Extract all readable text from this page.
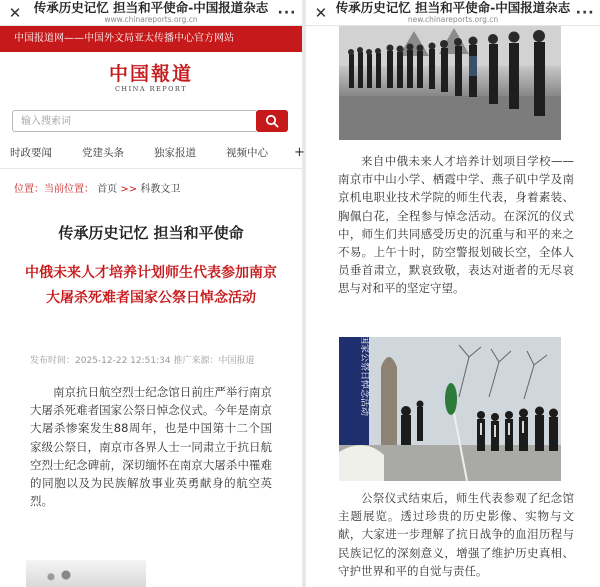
✕ 传承历史记忆 担当和平使命-中国报道杂志
www.chinareports.org.cn	···
中国报道网——中国外文局亚太传播中心官方网站
中国報道
CHINA REPORT
输入搜索词
时政要闻	党建头条	独家报道	视频中心 +
位置：当前位置： 首页 >> 科教文卫
传承历史记忆 担当和平使命
中俄未来人才培养计划师生代表参加南京大屠杀死难者国家公祭日悼念活动
发布时间：2025-12-22 12:51:34 推广来源：中国报道
南京抗日航空烈士纪念馆日前庄严举行南京大屠杀死难者国家公祭日悼念仪式。今年是南京大屠杀惨案发生88周年，也是中国第十二个国家级公祭日，南京市各界人士一同肃立于抗日航空烈士纪念碑前，深切缅怀在南京大屠杀中罹难的同胞以及为民族解放事业英勇献身的航空英烈。
✕ 传承历史记忆 担当和平使命-中国报道杂志
new.chinareports.org.cn	···
来自中俄未来人才培养计划项目学校——南京市中山小学、栖霞中学、燕子矶中学及南京机电职业技术学院的师生代表，身着素装、胸佩白花，全程参与悼念活动。在深沉的仪式中，师生们共同感受历史的沉重与和平的来之不易。上午十时，防空警报划破长空，全体人员垂首肃立，默哀致敬，表达对逝者的无尽哀思与对和平的坚定守望。
者国家公祭日悼念活动
公祭仪式结束后，师生代表参观了纪念馆主题展览。透过珍贵的历史影像、实物与文献，大家进一步理解了抗日战争的血泪历程与民族记忆的深刻意义，增强了维护历史真相、守护世界和平的自觉与责任。
